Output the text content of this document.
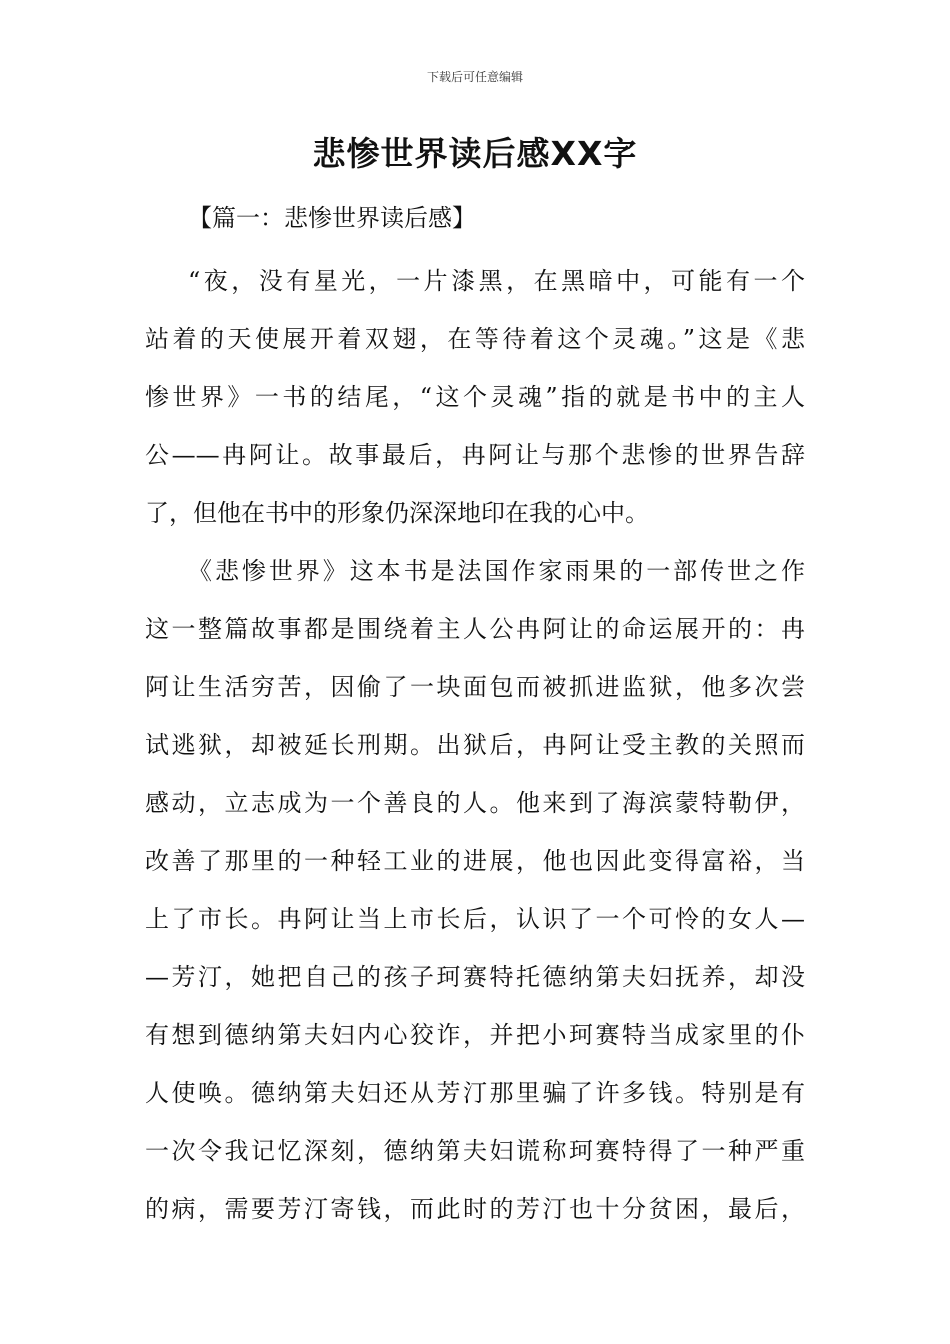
下载后可任意编辑
悲惨世界读后感XX字
【篇一：悲惨世界读后感】
“夜，没有星光，一片漆黑，在黑暗中，可能有一个
站着的天使展开着双翅，在等待着这个灵魂。”这是《悲
惨世界》一书的结尾，“这个灵魂”指的就是书中的主人
公——冉阿让。故事最后，冉阿让与那个悲惨的世界告辞
了，但他在书中的形象仍深深地印在我的心中。
《悲惨世界》这本书是法国作家雨果的一部传世之作
这一整篇故事都是围绕着主人公冉阿让的命运展开的：冉
阿让生活穷苦，因偷了一块面包而被抓进监狱，他多次尝
试逃狱，却被延长刑期。出狱后，冉阿让受主教的关照而
感动，立志成为一个善良的人。他来到了海滨蒙特勒伊，
改善了那里的一种轻工业的进展，他也因此变得富裕，当
上了市长。冉阿让当上市长后，认识了一个可怜的女人—
—芳汀，她把自己的孩子珂赛特托德纳第夫妇抚养，却没
有想到德纳第夫妇内心狡诈，并把小珂赛特当成家里的仆
人使唤。德纳第夫妇还从芳汀那里骗了许多钱。特别是有
一次令我记忆深刻，德纳第夫妇谎称珂赛特得了一种严重
的病，需要芳汀寄钱，而此时的芳汀也十分贫困，最后，
